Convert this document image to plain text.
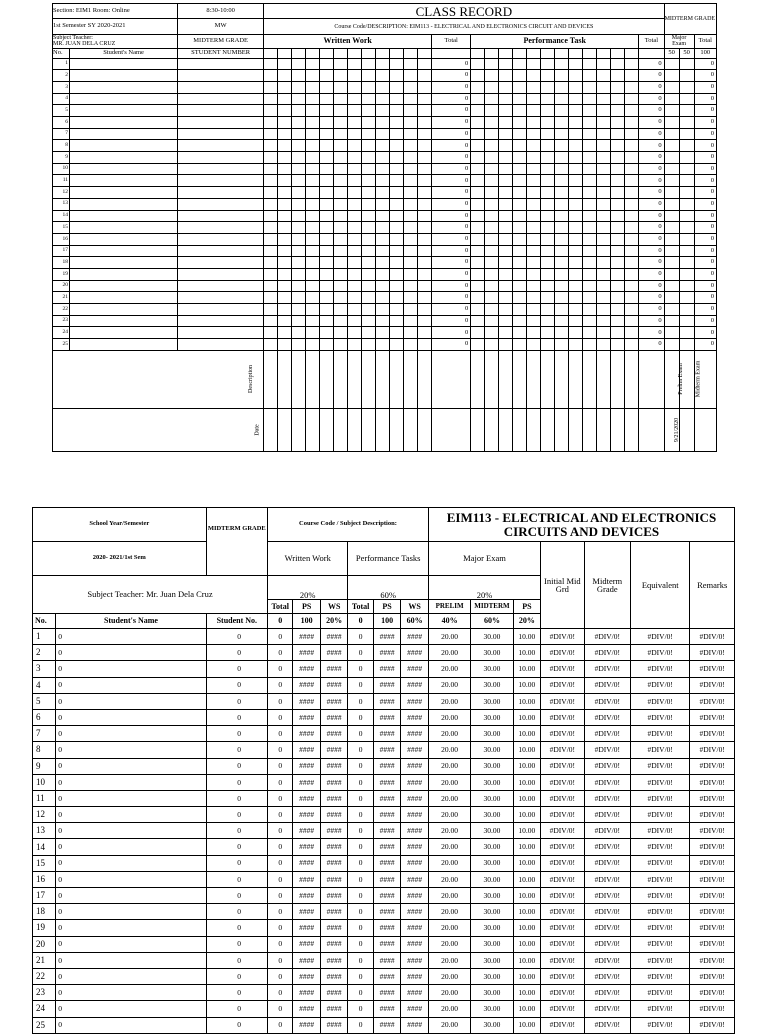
Section: EIM1 Room: Online		8:30-10:00	CLASS RECORD																										MIDTERM GRADE		
1st Semester SY 2020-2021		MW	Course Code/DESCRIPTION: EIM113 - ELECTRICAL AND ELECTRONICS CIRCUIT AND DEVICES																												
Subject Teacher:
MR. JUAN DELA CRUZ		MIDTERM GRADE	Written Work												Total	Performance Task												Total	Major Exam		Total
No.	Student's Name	STUDENT NUMBER																											50	50	100
1															0													0			0
2															0													0			0
3															0													0			0
4															0													0			0
5															0													0			0
6															0													0			0
7															0													0			0
8															0													0			0
9															0													0			0
10															0													0			0
11															0													0			0
12															0													0			0
13															0													0			0
14															0													0			0
15															0													0			0
16															0													0			0
17															0													0			0
18															0													0			0
19															0													0			0
20															0													0			0
21															0													0			0
22															0													0			0
23															0													0			0
24															0													0			0
25															0													0			0
Description																													Prelim Exam	Midterm Exam	
Date																													9/21/2020		
School Year/Semester		MIDTERM GRADE	Course Code / Subject Description:						EIM113 - ELECTRICAL AND ELECTRONICS CIRCUITS AND DEVICES						
2020- 2021/1st Sem			Written Work			Performance Tasks			Major Exam			Initial Mid Grd	Midterm Grade	Equivalent	Remarks
Subject Teacher: Mr. Juan Dela Cruz			20%			60%			20%						
			Total	PS	WS	Total	PS	WS	PRELIM	MIDTERM	PS				
No.	Student's Name	Student No.	0	100	20%	0	100	60%	40%	60%	20%				
1	0	0	0	####	####	0	####	####	20.00	30.00	10.00	#DIV/0!	#DIV/0!	#DIV/0!	#DIV/0!
2	0	0	0	####	####	0	####	####	20.00	30.00	10.00	#DIV/0!	#DIV/0!	#DIV/0!	#DIV/0!
3	0	0	0	####	####	0	####	####	20.00	30.00	10.00	#DIV/0!	#DIV/0!	#DIV/0!	#DIV/0!
4	0	0	0	####	####	0	####	####	20.00	30.00	10.00	#DIV/0!	#DIV/0!	#DIV/0!	#DIV/0!
5	0	0	0	####	####	0	####	####	20.00	30.00	10.00	#DIV/0!	#DIV/0!	#DIV/0!	#DIV/0!
6	0	0	0	####	####	0	####	####	20.00	30.00	10.00	#DIV/0!	#DIV/0!	#DIV/0!	#DIV/0!
7	0	0	0	####	####	0	####	####	20.00	30.00	10.00	#DIV/0!	#DIV/0!	#DIV/0!	#DIV/0!
8	0	0	0	####	####	0	####	####	20.00	30.00	10.00	#DIV/0!	#DIV/0!	#DIV/0!	#DIV/0!
9	0	0	0	####	####	0	####	####	20.00	30.00	10.00	#DIV/0!	#DIV/0!	#DIV/0!	#DIV/0!
10	0	0	0	####	####	0	####	####	20.00	30.00	10.00	#DIV/0!	#DIV/0!	#DIV/0!	#DIV/0!
11	0	0	0	####	####	0	####	####	20.00	30.00	10.00	#DIV/0!	#DIV/0!	#DIV/0!	#DIV/0!
12	0	0	0	####	####	0	####	####	20.00	30.00	10.00	#DIV/0!	#DIV/0!	#DIV/0!	#DIV/0!
13	0	0	0	####	####	0	####	####	20.00	30.00	10.00	#DIV/0!	#DIV/0!	#DIV/0!	#DIV/0!
14	0	0	0	####	####	0	####	####	20.00	30.00	10.00	#DIV/0!	#DIV/0!	#DIV/0!	#DIV/0!
15	0	0	0	####	####	0	####	####	20.00	30.00	10.00	#DIV/0!	#DIV/0!	#DIV/0!	#DIV/0!
16	0	0	0	####	####	0	####	####	20.00	30.00	10.00	#DIV/0!	#DIV/0!	#DIV/0!	#DIV/0!
17	0	0	0	####	####	0	####	####	20.00	30.00	10.00	#DIV/0!	#DIV/0!	#DIV/0!	#DIV/0!
18	0	0	0	####	####	0	####	####	20.00	30.00	10.00	#DIV/0!	#DIV/0!	#DIV/0!	#DIV/0!
19	0	0	0	####	####	0	####	####	20.00	30.00	10.00	#DIV/0!	#DIV/0!	#DIV/0!	#DIV/0!
20	0	0	0	####	####	0	####	####	20.00	30.00	10.00	#DIV/0!	#DIV/0!	#DIV/0!	#DIV/0!
21	0	0	0	####	####	0	####	####	20.00	30.00	10.00	#DIV/0!	#DIV/0!	#DIV/0!	#DIV/0!
22	0	0	0	####	####	0	####	####	20.00	30.00	10.00	#DIV/0!	#DIV/0!	#DIV/0!	#DIV/0!
23	0	0	0	####	####	0	####	####	20.00	30.00	10.00	#DIV/0!	#DIV/0!	#DIV/0!	#DIV/0!
24	0	0	0	####	####	0	####	####	20.00	30.00	10.00	#DIV/0!	#DIV/0!	#DIV/0!	#DIV/0!
25	0	0	0	####	####	0	####	####	20.00	30.00	10.00	#DIV/0!	#DIV/0!	#DIV/0!	#DIV/0!
